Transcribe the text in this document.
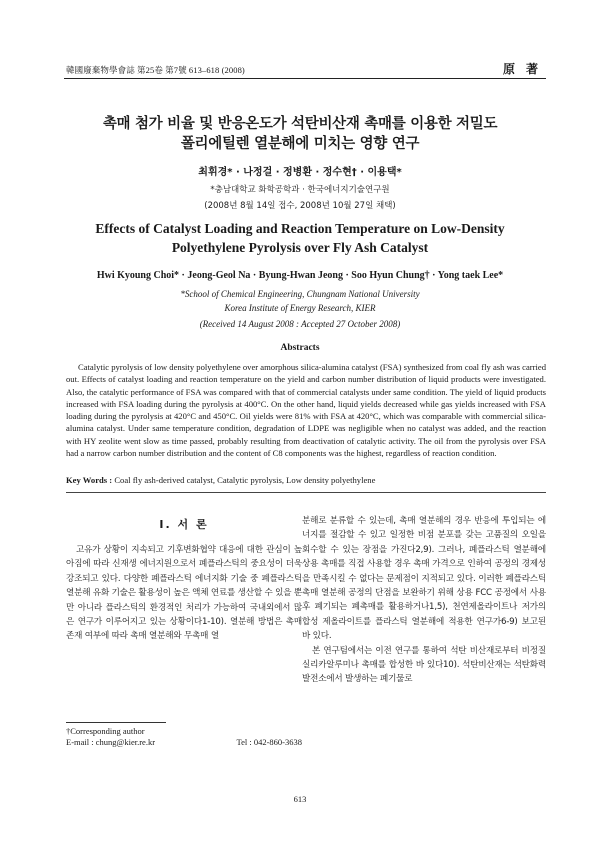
韓國廢棄物學會誌 第25卷 第7號 613–618 (2008)	原 著
촉매 첨가 비율 및 반응온도가 석탄비산재 촉매를 이용한 저밀도
폴리에틸렌 열분해에 미치는 영향 연구
최휘경* · 나정걸 · 정병환 · 정수현† · 이용택*
*충남대학교 화학공학과 · 한국에너지기술연구원
(2008년 8월 14일 접수, 2008년 10월 27일 채택)
Effects of Catalyst Loading and Reaction Temperature on Low-Density
Polyethylene Pyrolysis over Fly Ash Catalyst
Hwi Kyoung Choi* · Jeong-Geol Na · Byung-Hwan Jeong · Soo Hyun Chung† · Yong taek Lee*
*School of Chemical Engineering, Chungnam National University
Korea Institute of Energy Research, KIER
(Received 14 August 2008 : Accepted 27 October 2008)
Abstracts
Catalytic pyrolysis of low density polyethylene over amorphous silica-alumina catalyst (FSA) synthesized from coal fly ash was carried out. Effects of catalyst loading and reaction temperature on the yield and carbon number distribution of liquid products were investigated. Also, the catalytic performance of FSA was compared with that of commercial catalysts under same condition. The yield of liquid products increased with FSA loading during the pyrolysis at 400°C. On the other hand, liquid yields decreased while gas yields increased with FSA loading during the pyrolysis at 420°C and 450°C. Oil yields were 81% with FSA at 420°C, which was comparable with commercial silica-alumina catalyst. Under same temperature condition, degradation of LDPE was negligible when no catalyst was added, and the reaction with HY zeolite went slow as time passed, probably resulting from deactivation of catalytic activity. The oil from the pyrolysis over FSA had a narrow carbon number distribution and the content of C8 components was the highest, regardless of reaction condition.
Key Words : Coal fly ash-derived catalyst, Catalytic pyrolysis, Low density polyethylene
I. 서 론

고유가 상황이 지속되고 기후변화협약 대응에 대한 관심이 높아짐에 따라 신재생 에너지원으로서 폐플라스틱의 중요성이 더욱 강조되고 있다. 다양한 폐플라스틱 에너지화 기술 중 폐플라스틱 열분해 유화 기술은 활용성이 높은 액체 연료를 생산할 수 있을 뿐만 아니라 플라스틱의 환경적인 처리가 가능하여 국내외에서 많은 연구가 이루어지고 있는 상황이다1-10). 열분해 방법은 촉매 존재 여부에 따라 촉매 열분해와 무촉매 열

분해로 분류할 수 있는데, 촉매 열분해의 경우 반응에 투입되는 에너지를 절감할 수 있고 일정한 비점 분포를 갖는 고품질의 오일을 회수할 수 있는 장점을 가진다2,9). 그러나, 폐플라스틱 열분해에 상용 촉매를 직접 사용할 경우 촉매 가격으로 인하여 공정의 경제성을 만족시킬 수 없다는 문제점이 지적되고 있다. 이러한 폐플라스틱 촉매 열분해 공정의 단점을 보완하기 위해 상용 FCC 공정에서 사용 후 폐기되는 폐촉매를 활용하거나1,5), 천연제올라이트나 저가의 합성 제올라이트를 플라스틱 열분해에 적용한 연구가6-9) 보고된 바 있다.

본 연구팀에서는 이전 연구를 통하여 석탄 비산재로부터 비정질 실리카알루미나 촉매를 합성한 바 있다10). 석탄비산재는 석탄화력발전소에서 발생하는 폐기물로

†Corresponding author
E-mail : chung@kier.re.kr	Tel : 042-860-3638
613
